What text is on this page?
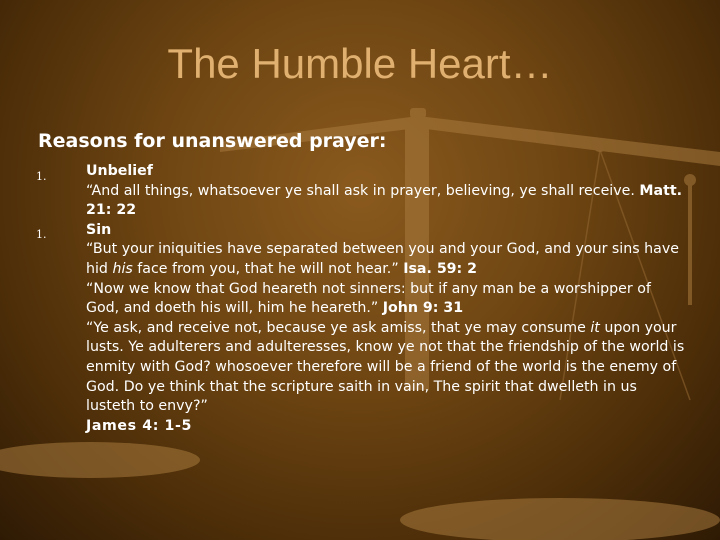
The Humble Heart…
Reasons for unanswered prayer:
1.
1.

Unbelief

“And all things, whatsoever ye shall ask in prayer, believing, ye shall receive. Matt. 21: 22

Sin

“But your iniquities have separated between you and your God, and your sins have hid his face from you, that he will not hear.” Isa. 59: 2

“Now we know that God heareth not sinners: but if any man be a worshipper of God, and doeth his will, him he heareth.” John 9: 31

“Ye ask, and receive not, because ye ask amiss, that ye may consume it upon your lusts. Ye adulterers and adulteresses, know ye not that the friendship of the world is enmity with God? whosoever therefore will be a friend of the world is the enemy of God. Do ye think that the scripture saith in vain, The spirit that dwelleth in us lusteth to envy?”

James 4: 1-5
